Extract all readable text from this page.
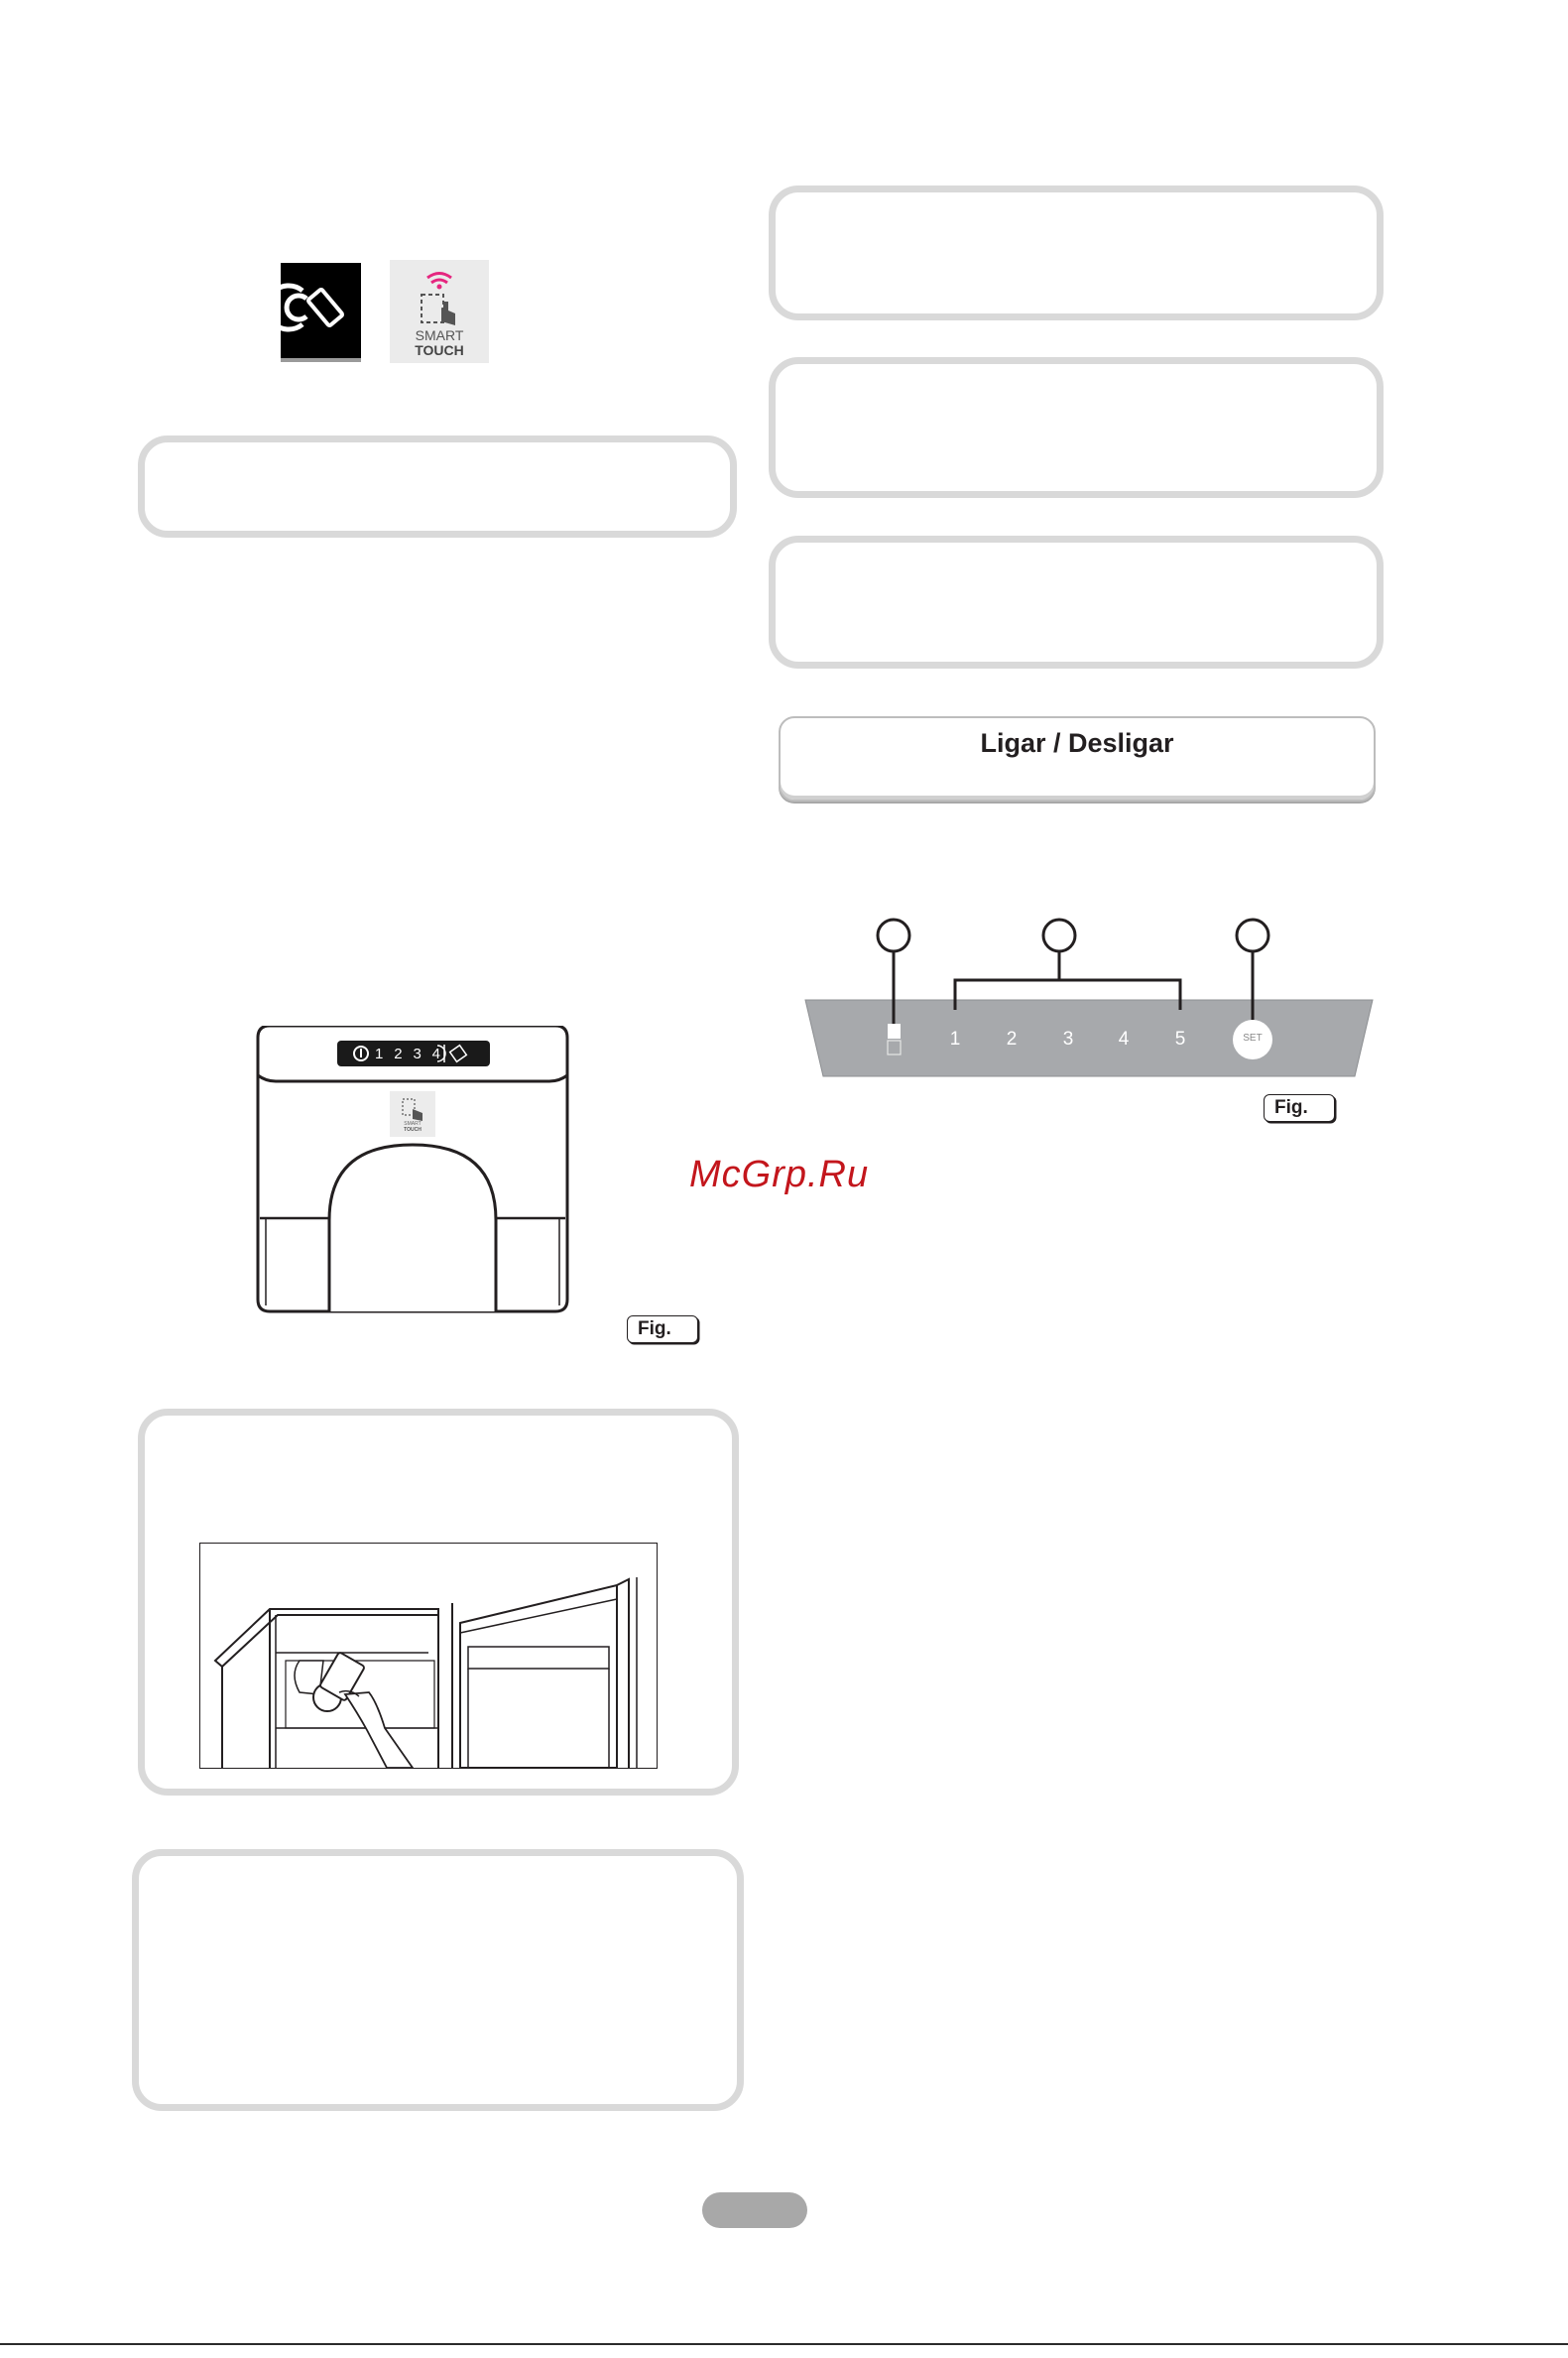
SMART
TOUCH
Ligar / Desligar
1 2 3 4
SMART
TOUCH
Fig.
1 2 3 4 5	SET
Fig.
McGrp.Ru
